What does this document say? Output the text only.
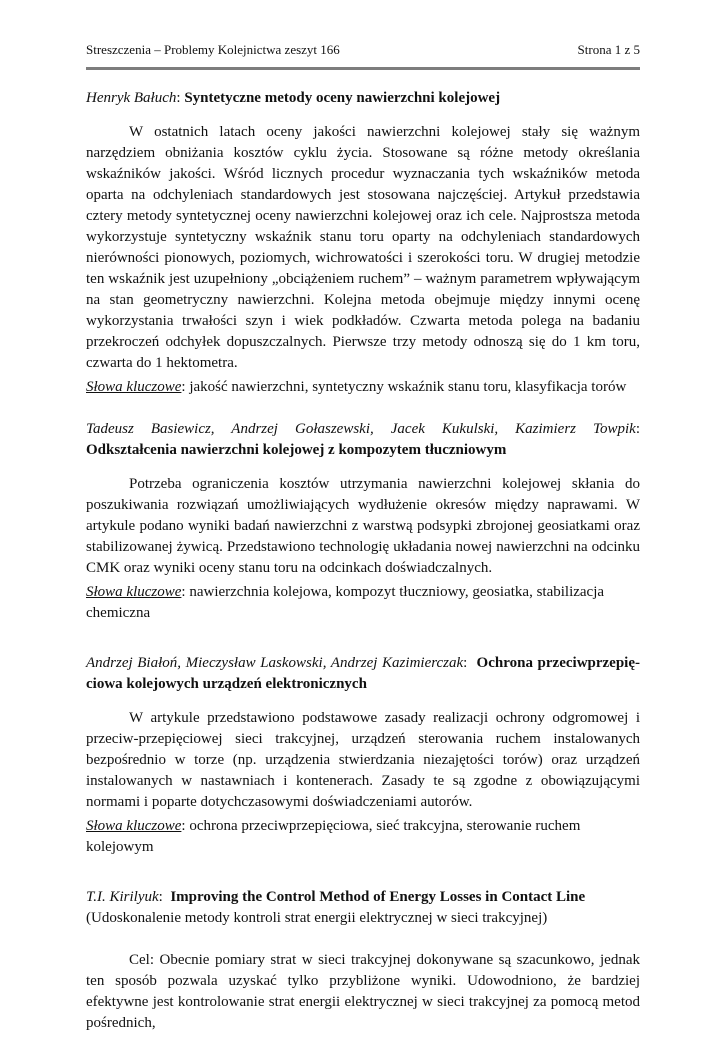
Streszczenia – Problemy Kolejnictwa zeszyt 166	Strona 1 z 5

Henryk Bałuch: Syntetyczne metody oceny nawierzchni kolejowej

W ostatnich latach oceny jakości nawierzchni kolejowej stały się ważnym narzędziem obniżania kosztów cyklu życia. Stosowane są różne metody określania wskaźników jakości. Wśród licznych procedur wyznaczania tych wskaźników metoda oparta na odchyleniach standardowych jest stosowana najczęściej. Artykuł przedstawia cztery metody syntetycznej oceny nawierzchni kolejowej oraz ich cele. Najprostsza metoda wykorzystuje syntetyczny wskaźnik stanu toru oparty na odchyleniach standardowych nierówności pionowych, poziomych, wichrowatości i szerokości toru. W drugiej metodzie ten wskaźnik jest uzupełniony „obciążeniem ruchem” – ważnym parametrem wpływającym na stan geometryczny nawierzchni. Kolejna metoda obejmuje między innymi ocenę wykorzystania trwałości szyn i wiek podkładów. Czwarta metoda polega na badaniu przekroczeń odchyłek dopuszczalnych. Pierwsze trzy metody odnoszą się do 1 km toru, czwarta do 1 hektometra.

Słowa kluczowe: jakość nawierzchni, syntetyczny wskaźnik stanu toru, klasyfikacja torów

Tadeusz Basiewicz, Andrzej Gołaszewski, Jacek Kukulski, Kazimierz Towpik: Odkształcenia nawierzchni kolejowej z kompozytem tłuczniowym

Potrzeba ograniczenia kosztów utrzymania nawierzchni kolejowej skłania do poszukiwania rozwiązań umożliwiających wydłużenie okresów między naprawami. W artykule podano wyniki badań nawierzchni z warstwą podsypki zbrojonej geosiatkami oraz stabilizowanej żywicą. Przedstawiono technologię układania nowej nawierzchni na odcinku CMK oraz wyniki oceny stanu toru na odcinkach doświadczalnych.

Słowa kluczowe: nawierzchnia kolejowa, kompozyt tłuczniowy, geosiatka, stabilizacja chemiczna

Andrzej Białoń, Mieczysław Laskowski, Andrzej Kazimierczak:  Ochrona przeciwprzepięciowa kolejowych urządzeń elektronicznych

W artykule przedstawiono podstawowe zasady realizacji ochrony odgromowej i przeciw-przepięciowej sieci trakcyjnej, urządzeń sterowania ruchem instalowanych bezpośrednio w torze (np. urządzenia stwierdzania niezajętości torów) oraz urządzeń instalowanych w nastawniach i kontenerach. Zasady te są zgodne z obowiązującymi normami i poparte dotychczasowymi doświadczeniami autorów.

Słowa kluczowe: ochrona przeciwprzepięciowa, sieć trakcyjna, sterowanie ruchem kolejowym

T.I. Kirilyuk:  Improving the Control Method of Energy Losses in Contact Line

(Udoskonalenie metody kontroli strat energii elektrycznej w sieci trakcyjnej)

Cel: Obecnie pomiary strat w sieci trakcyjnej dokonywane są szacunkowo, jednak ten sposób pozwala uzyskać tylko przybliżone wyniki. Udowodniono, że bardziej efektywne jest kontrolowanie strat energii elektrycznej w sieci trakcyjnej za pomocą metod pośrednich,
